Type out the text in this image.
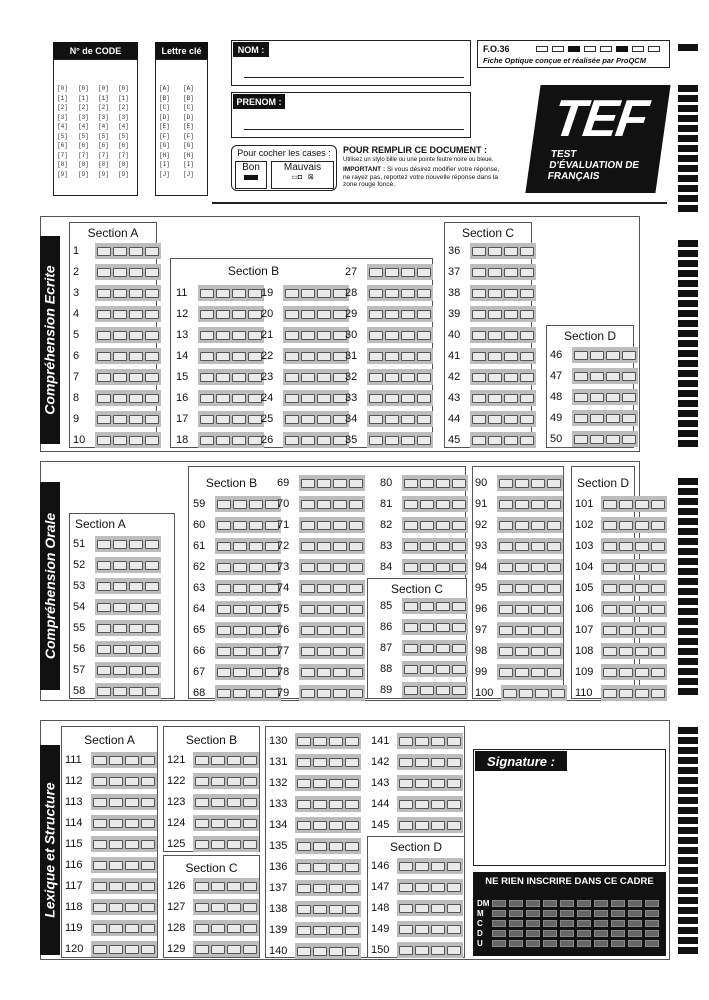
N° de CODE
[0]
[1]
[2]
[3]
[4]
[5]
[6]
[7]
[8]
[9]
[0]
[1]
[2]
[3]
[4]
[5]
[6]
[7]
[8]
[9]
[0]
[1]
[2]
[3]
[4]
[5]
[6]
[7]
[8]
[9]
[0]
[1]
[2]
[3]
[4]
[5]
[6]
[7]
[8]
[9]
Lettre clé
[A]
[B]
[C]
[D]
[E]
[F]
[G]
[H]
[I]
[J]
[A]
[B]
[C]
[D]
[E]
[F]
[G]
[H]
[I]
[J]
NOM :
PRENOM :
Pour cocher les cases :
Bon	Mauvais
▭◘   ⊠
POUR REMPLIR CE DOCUMENT :
Utilisez un stylo bille ou une pointe feutre noire ou bleue.
IMPORTANT : Si vous désirez modifier votre réponse, ne rayez pas, reportez votre nouvelle réponse dans la zone rouge foncé.
F.O.36
Fiche Optique conçue et réalisée par ProQCM
TEF
TEST D'ÉVALUATION DE FRANÇAIS
Compréhension Ecrite
Compréhension Orale
Lexique et Structure
Section A
Section B
Section C
Section D
Section A
Section B
Section C
Section D
Section A	Section B
Section C
Section D
Signature :
NE RIEN INSCRIRE DANS CE CADRE
DM
M
C
D
U
1
2
3
4
5
6
7
8
9
10
11
12
13
14
15
16
17
18
19
20
21
22
23
24
25
26
27
28
29
30
31
32
33
34
35
36
37
38
39
40
41
42
43
44
45
46
47
48
49
50
51
52
53
54
55
56
57
58
59
60
61
62
63
64
65
66
67
68
69
70
71
72
73
74
75
76
77
78
79
80
81
82
83
84
85
86
87
88
89
90
91
92
93
94
95
96
97
98
99
100
101
102
103
104
105
106
107
108
109
110
111
112
113
114
115
116
117
118
119
120
121
122
123
124
125
126
127
128
129
130
131
132
133
134
135
136
137
138
139
140
141
142
143
144
145
146
147
148
149
150
